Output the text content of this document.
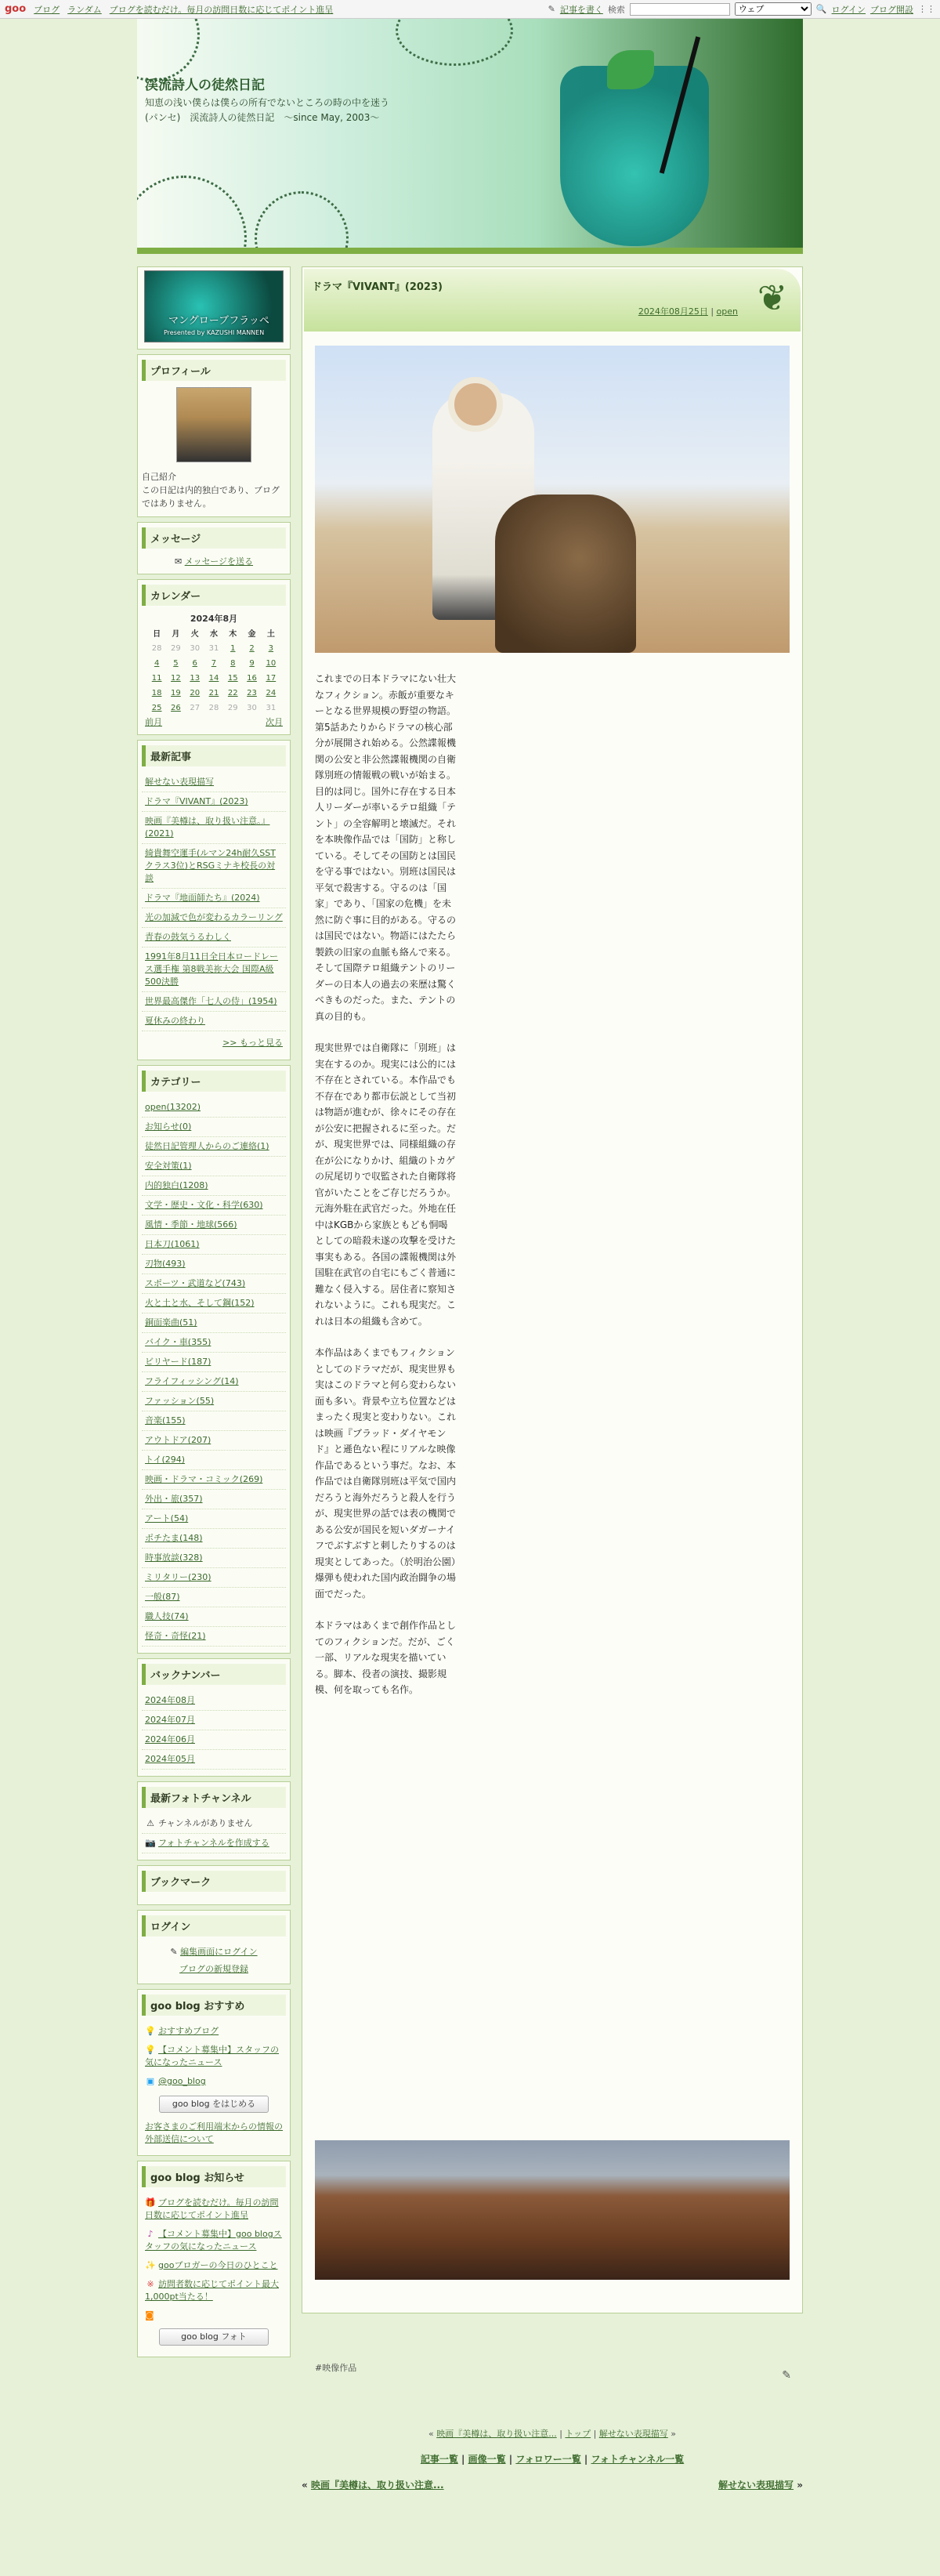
goo ブログ ランダム ブログを読むだけ。毎月の訪問日数に応じてポイント進呈	✎ 記事を書く 検索
ウェブ	🔍 ログイン ブログ開設 ⋮⋮
渓流詩人の徒然日記
知恵の浅い僕らは僕らの所有でないところの時の中を迷う(パンセ)　渓流詩人の徒然日記　～since May, 2003～
マングローブフラッペ
Presented by KAZUSHI MANNEN
プロフィール
自己紹介
この日記は内的独白であり、ブログではありません。
メッセージ
✉ メッセージを送る
カレンダー
2024年8月
日	月	火	水	木	金	土
28	29	30	31	1	2	3
4	5	6	7	8	9	10
11	12	13	14	15	16	17
18	19	20	21	22	23	24
25	26	27	28	29	30	31
前月	次月
最新記事
解せない表現描写
ドラマ『VIVANT』(2023)
映画『美樽は、取り扱い注意。』(2021)
綺貴舞空運手(ルマン24h耐久SSTクラス3位)とRSGミナキ校長の対談
ドラマ『地面師たち』(2024)
光の加減で色が変わるカラーリング
青春の鼓気うるわしく
1991年8月11日全日本ロードレース選手権 第8戦美祢大会 国際A級 500決勝
世界最高傑作「七人の侍」(1954)
夏休みの終わり
>> もっと見る
カテゴリー
open(13202)
お知らせ(0)
徒然日記管理人からのご連絡(1)
安全対策(1)
内的独白(1208)
文学・歴史・文化・科学(630)
風情・季節・地球(566)
日本刀(1061)
刃物(493)
スポーツ・武道など(743)
火と土と水、そして鋼(152)
銅面楽曲(51)
バイク・車(355)
ビリヤード(187)
フライフィッシング(14)
ファッション(55)
音楽(155)
アウトドア(207)
トイ(294)
映画・ドラマ・コミック(269)
外出・旅(357)
アート(54)
ポチたま(148)
時事放談(328)
ミリタリー(230)
一般(87)
職人技(74)
怪奇・奇怪(21)
バックナンバー
2024年08月
2024年07月
2024年06月
2024年05月
最新フォトチャンネル
⚠ チャンネルがありません
📷 フォトチャンネルを作成する
ブックマーク
ログイン
✎ 編集画面にログイン
ブログの新規登録
goo blog おすすめ
💡 おすすめブログ
💡 【コメント募集中】スタッフの気になったニュース
▣ @goo_blog
goo blog をはじめる
お客さまのご利用端末からの情報の外部送信について
goo blog お知らせ
🎁 ブログを読むだけ。毎月の訪問日数に応じてポイント進呈
♪ 【コメント募集中】goo blogスタッフの気になったニュース
✨ gooブロガーの今日のひとこと
※ 訪問者数に応じてポイント最大1,000pt当たる！
◙
goo blog フォト
ドラマ『VIVANT』(2023)
2024年08月25日 | open ❦

これまでの日本ドラマにない壮大なフィクション。赤飯が重要なキーとなる世界規模の野望の物語。第5話あたりからドラマの核心部分が展開され始める。公然諜報機関の公安と非公然諜報機関の自衛隊別班の情報戦の戦いが始まる。目的は同じ。国外に存在する日本人リーダーが率いるテロ組織「テント」の全容解明と壊滅だ。それを本映像作品では「国防」と称している。そしてその国防とは国民を守る事ではない。別班は国民は平気で殺害する。守るのは「国家」であり、「国家の危機」を未然に防ぐ事に目的がある。守るのは国民ではない。物語にはたたら製鉄の旧家の血脈も絡んで来る。そして国際テロ組織テントのリーダーの日本人の過去の来歴は驚くべきものだった。また、テントの真の目的も。

現実世界では自衛隊に「別班」は実在するのか。現実には公的には不存在とされている。本作品でも不存在であり都市伝説として当初は物語が進むが、徐々にその存在が公安に把握されるに至った。だが、現実世界では、同様組織の存在が公になりかけ、組織のトカゲの尻尾切りで収監された自衛隊将官がいたことをご存じだろうか。元海外駐在武官だった。外地在任中はKGBから家族ともども恫喝としての暗殺未遂の攻撃を受けた事実もある。各国の諜報機関は外国駐在武官の自宅にもごく普通に難なく侵入する。居住者に察知されないように。これも現実だ。これは日本の組織も含めて。

本作品はあくまでもフィクションとしてのドラマだが、現実世界も実はこのドラマと何ら変わらない面も多い。背景や立ち位置などはまったく現実と変わりない。これは映画『ブラッド・ダイヤモンド』と遜色ない程にリアルな映像作品であるという事だ。なお、本作品では自衛隊別班は平気で国内だろうと海外だろうと殺人を行うが、現実世界の話では表の機関である公安が国民を短いダガーナイフでぶすぶすと刺したりするのは現実としてあった。（於明治公園）爆弾も使われた国内政治闘争の場面でだった。

本ドラマはあくまで創作作品としてのフィクションだ。だが、ごく一部、リアルな現実を描いている。脚本、役者の演技、撮影規模、何を取っても名作。

#映像作品
✎
« 映画『美樽は、取り扱い注意... | トップ | 解せない表現描写 »
記事一覧 | 画像一覧 | フォロワー一覧 | フォトチャンネル一覧
« 映画『美樽は、取り扱い注意...	解せない表現描写 »
